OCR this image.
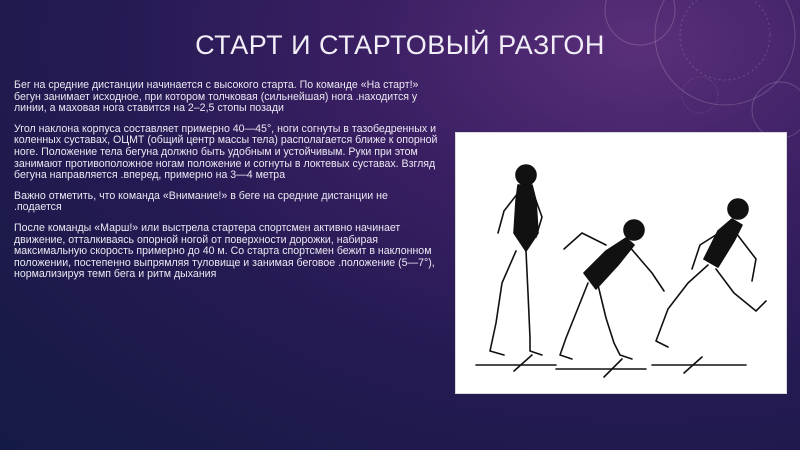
СТАРТ И СТАРТОВЫЙ РАЗГОН

Бег на средние дистанции начинается с высокого старта. По команде «На старт!» бегун занимает исходное, при котором толчковая (сильнейшая) нога .находится у линии, а маховая нога ставится на 2–2,5 стопы позади

Угол наклона корпуса составляет примерно 40—45°, ноги согнуты в тазобедренных и коленных суставах, ОЦМТ (общий центр массы тела) располагается ближе к опорной ноге. Положение тела бегуна должно быть удобным и устойчивым. Руки при этом занимают противоположное ногам положение и согнуты в локтевых суставах. Взгляд бегуна направляется .вперед, примерно на 3—4 метра

Важно отметить, что команда «Внимание!» в беге на средние дистанции не .подается

После команды «Марш!» или выстрела стартера спортсмен активно начинает движение, отталкиваясь опорной ногой от поверхности дорожки, набирая максимальную скорость примерно до 40 м. Со старта спортсмен бежит в наклонном положении, постепенно выпрямляя туловище и занимая беговое .положение (5—7°), нормализируя темп бега и ритм дыхания
